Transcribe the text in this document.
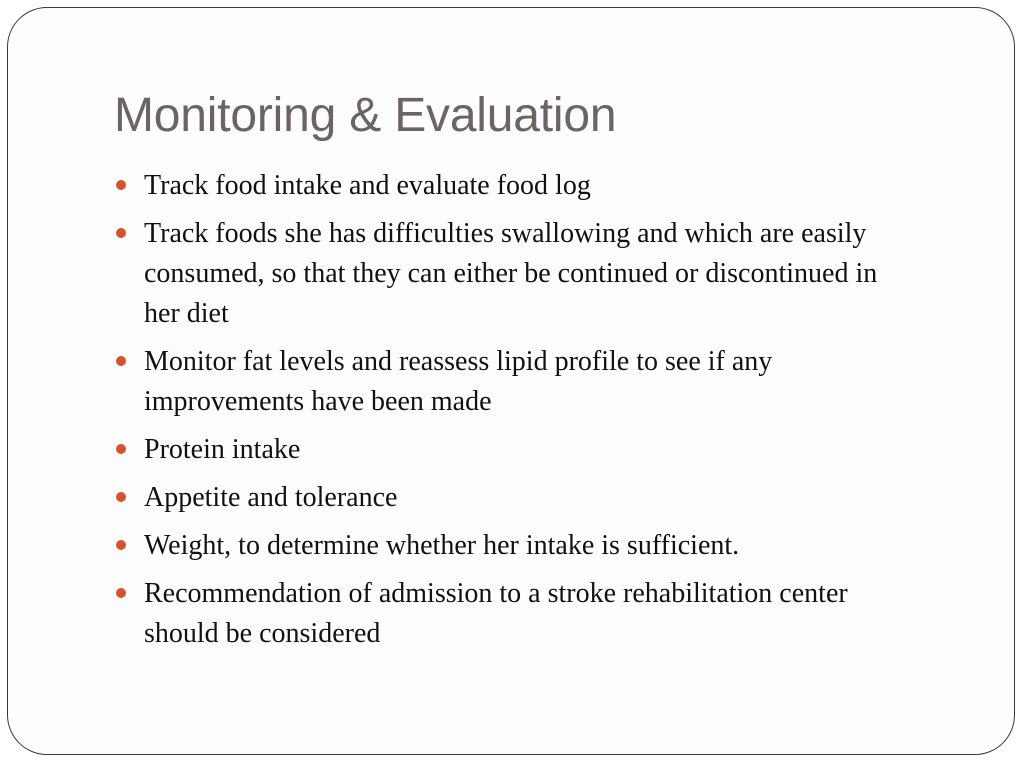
Monitoring & Evaluation
Track food intake and evaluate food log
Track foods she has difficulties swallowing and which are easily consumed, so that they can either be continued or discontinued in her diet
Monitor fat levels and reassess lipid profile to see if any improvements have been made
Protein intake
Appetite and tolerance
Weight, to determine whether her intake is sufficient.
Recommendation of admission to a stroke rehabilitation center should be considered
